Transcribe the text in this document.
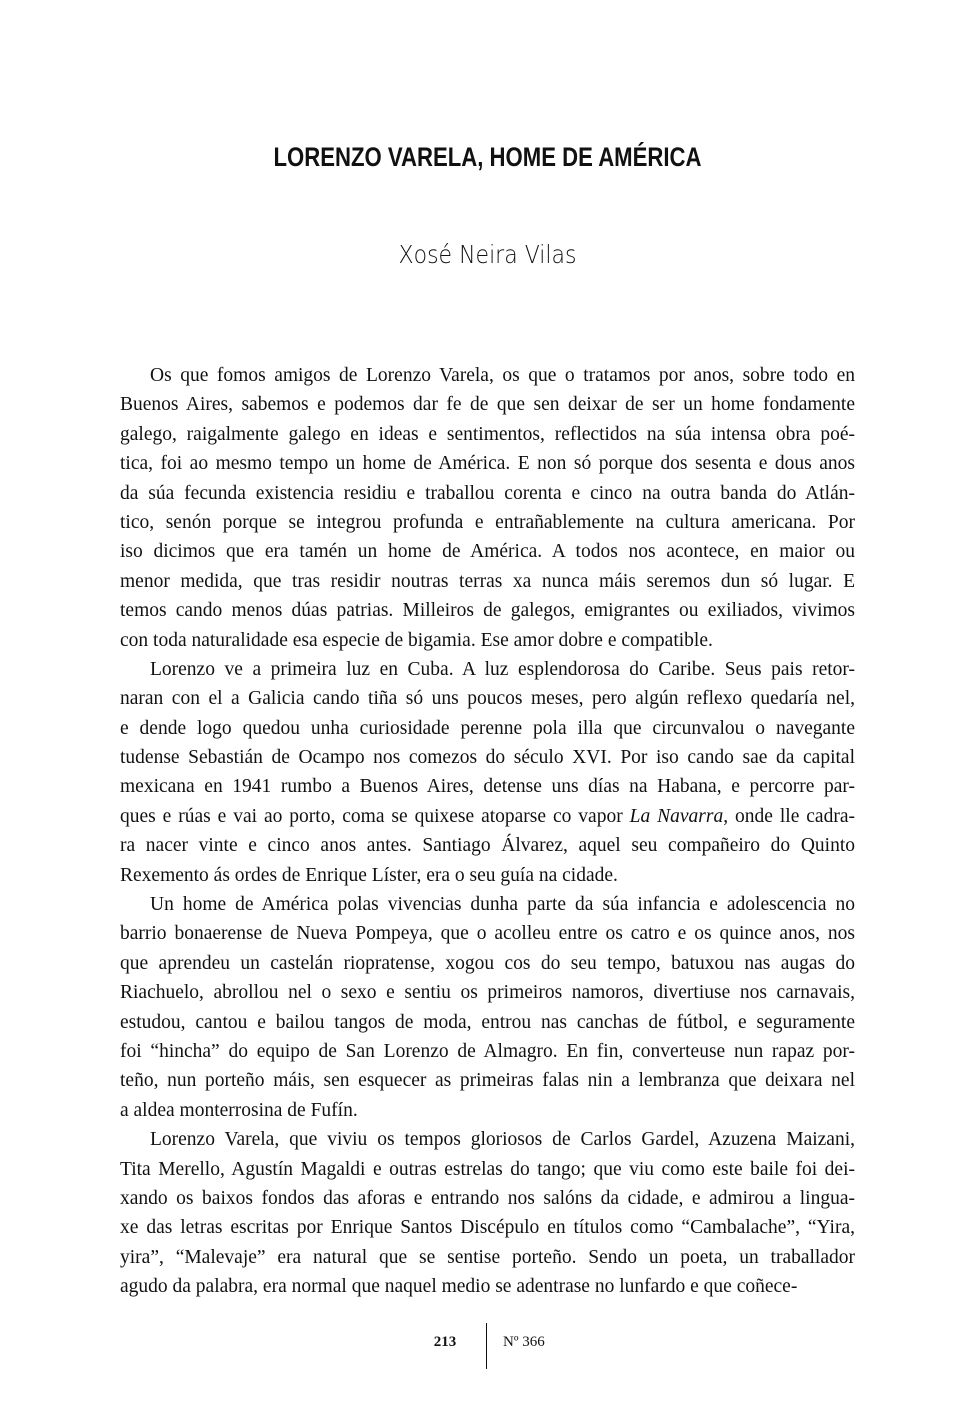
LORENZO VARELA, HOME DE AMÉRICA
Xosé Neira Vilas
Os que fomos amigos de Lorenzo Varela, os que o tratamos por anos, sobre todo en
Buenos Aires, sabemos e podemos dar fe de que sen deixar de ser un home fondamente
galego, raigalmente galego en ideas e sentimentos, reflectidos na súa intensa obra poé-
tica, foi ao mesmo tempo un home de América. E non só porque dos sesenta e dous anos
da súa fecunda existencia residiu e traballou corenta e cinco na outra banda do Atlán-
tico, senón porque se integrou profunda e entrañablemente na cultura americana. Por
iso dicimos que era tamén un home de América. A todos nos acontece, en maior ou
menor medida, que tras residir noutras terras xa nunca máis seremos dun só lugar. E
temos cando menos dúas patrias. Milleiros de galegos, emigrantes ou exiliados, vivimos
con toda naturalidade esa especie de bigamia. Ese amor dobre e compatible.
Lorenzo ve a primeira luz en Cuba. A luz esplendorosa do Caribe. Seus pais retor-
naran con el a Galicia cando tiña só uns poucos meses, pero algún reflexo quedaría nel,
e dende logo quedou unha curiosidade perenne pola illa que circunvalou o navegante
tudense Sebastián de Ocampo nos comezos do século XVI. Por iso cando sae da capital
mexicana en 1941 rumbo a Buenos Aires, detense uns días na Habana, e percorre par-
ques e rúas e vai ao porto, coma se quixese atoparse co vapor La Navarra, onde lle cadra-
ra nacer vinte e cinco anos antes. Santiago Álvarez, aquel seu compañeiro do Quinto
Rexemento ás ordes de Enrique Líster, era o seu guía na cidade.
Un home de América polas vivencias dunha parte da súa infancia e adolescencia no
barrio bonaerense de Nueva Pompeya, que o acolleu entre os catro e os quince anos, nos
que aprendeu un castelán riopratense, xogou cos do seu tempo, batuxou nas augas do
Riachuelo, abrollou nel o sexo e sentiu os primeiros namoros, divertiuse nos carnavais,
estudou, cantou e bailou tangos de moda, entrou nas canchas de fútbol, e seguramente
foi “hincha” do equipo de San Lorenzo de Almagro. En fin, converteuse nun rapaz por-
teño, nun porteño máis, sen esquecer as primeiras falas nin a lembranza que deixara nel
a aldea monterrosina de Fufín.
Lorenzo Varela, que viviu os tempos gloriosos de Carlos Gardel, Azuzena Maizani,
Tita Merello, Agustín Magaldi e outras estrelas do tango; que viu como este baile foi dei-
xando os baixos fondos das aforas e entrando nos salóns da cidade, e admirou a lingua-
xe das letras escritas por Enrique Santos Discépulo en títulos como “Cambalache”, “Yira,
yira”, “Malevaje” era natural que se sentise porteño. Sendo un poeta, un traballador
agudo da palabra, era normal que naquel medio se adentrase no lunfardo e que coñece-
213	Nº 366
